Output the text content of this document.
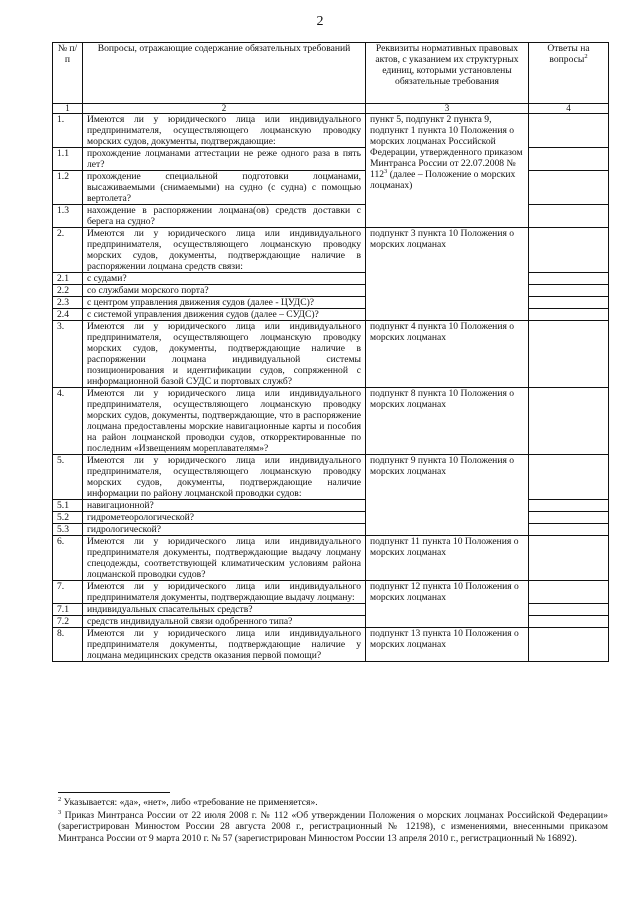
2
№ п/п	Вопросы, отражающие содержание обязательных требований	Реквизиты нормативных правовых актов, с указанием их структурных единиц, которыми установлены обязательные требования	Ответы на вопросы$^2$
1	2	3	4
1.	Имеются ли у юридического лица или индивидуального предпринимателя, осуществляющего лоцманскую проводку морских судов, документы, подтверждающие:	пункт 5, подпункт 2 пункта 9, подпункт 1 пункта 10 Положения о морских лоцманах Российской Федерации, утвержденного приказом Минтранса России от 22.07.2008 № $112^3$ (далее – Положение о морских лоцманах)	
1.1	прохождение лоцманами аттестации не реже одного раза в пять лет?		
1.2	прохождение специальной подготовки лоцманами, высаживаемыми (снимаемыми) на судно (с судна) с помощью вертолета?		
1.3	нахождение в распоряжении лоцмана(ов) средств доставки с берега на судно?		
2.	Имеются ли у юридического лица или индивидуального предпринимателя, осуществляющего лоцманскую проводку морских судов, документы, подтверждающие наличие в распоряжении лоцмана средств связи:	подпункт 3 пункта 10 Положения о морских лоцманах	
2.1	с судами?		
2.2	со службами морского порта?		
2.3	с центром управления движения судов (далее - ЦУДС)?		
2.4	с системой управления движения судов (далее – СУДС)?		
3.	Имеются ли у юридического лица или индивидуального предпринимателя, осуществляющего лоцманскую проводку морских судов, документы, подтверждающие наличие в распоряжении лоцмана индивидуальной системы позиционирования и идентификации судов, сопряженной с информационной базой СУДС и портовых служб?	подпункт 4 пункта 10 Положения о морских лоцманах	
4.	Имеются ли у юридического лица или индивидуального предпринимателя, осуществляющего лоцманскую проводку морских судов, документы, подтверждающие, что в распоряжение лоцмана предоставлены морские навигационные карты и пособия на район лоцманской проводки судов, откорректированные по последним «Извещениям мореплавателям»?	подпункт 8 пункта 10 Положения о морских лоцманах	
5.	Имеются ли у юридического лица или индивидуального предпринимателя, осуществляющего лоцманскую проводку морских судов, документы, подтверждающие наличие информации по району лоцманской проводки судов:	подпункт 9 пункта 10 Положения о морских лоцманах	
5.1	навигационной?		
5.2	гидрометеорологической?		
5.3	гидрологической?		
6.	Имеются ли у юридического лица или индивидуального предпринимателя документы, подтверждающие выдачу лоцману спецодежды, соответствующей климатическим условиям района лоцманской проводки судов?	подпункт 11 пункта 10 Положения о морских лоцманах	
7.	Имеются ли у юридического лица или индивидуального предпринимателя документы, подтверждающие выдачу лоцману:	подпункт 12 пункта 10 Положения о морских лоцманах	
7.1	индивидуальных спасательных средств?		
7.2	средств индивидуальной связи одобренного типа?		
8.	Имеются ли у юридического лица или индивидуального предпринимателя документы, подтверждающие наличие у лоцмана медицинских средств оказания первой помощи?	подпункт 13 пункта 10 Положения о морских лоцманах	

$^2$ Указывается: «да», «нет», либо «требование не применяется».

$^3$ Приказ Минтранса России от 22 июля 2008 г. № 112 «Об утверждении Положения о морских лоцманах Российской Федерации» (зарегистрирован Минюстом России 28 августа 2008 г., регистрационный № 12198), с изменениями, внесенными приказом Минтранса России от 9 марта 2010 г. № 57 (зарегистрирован Минюстом России 13 апреля 2010 г., регистрационный № 16892).
